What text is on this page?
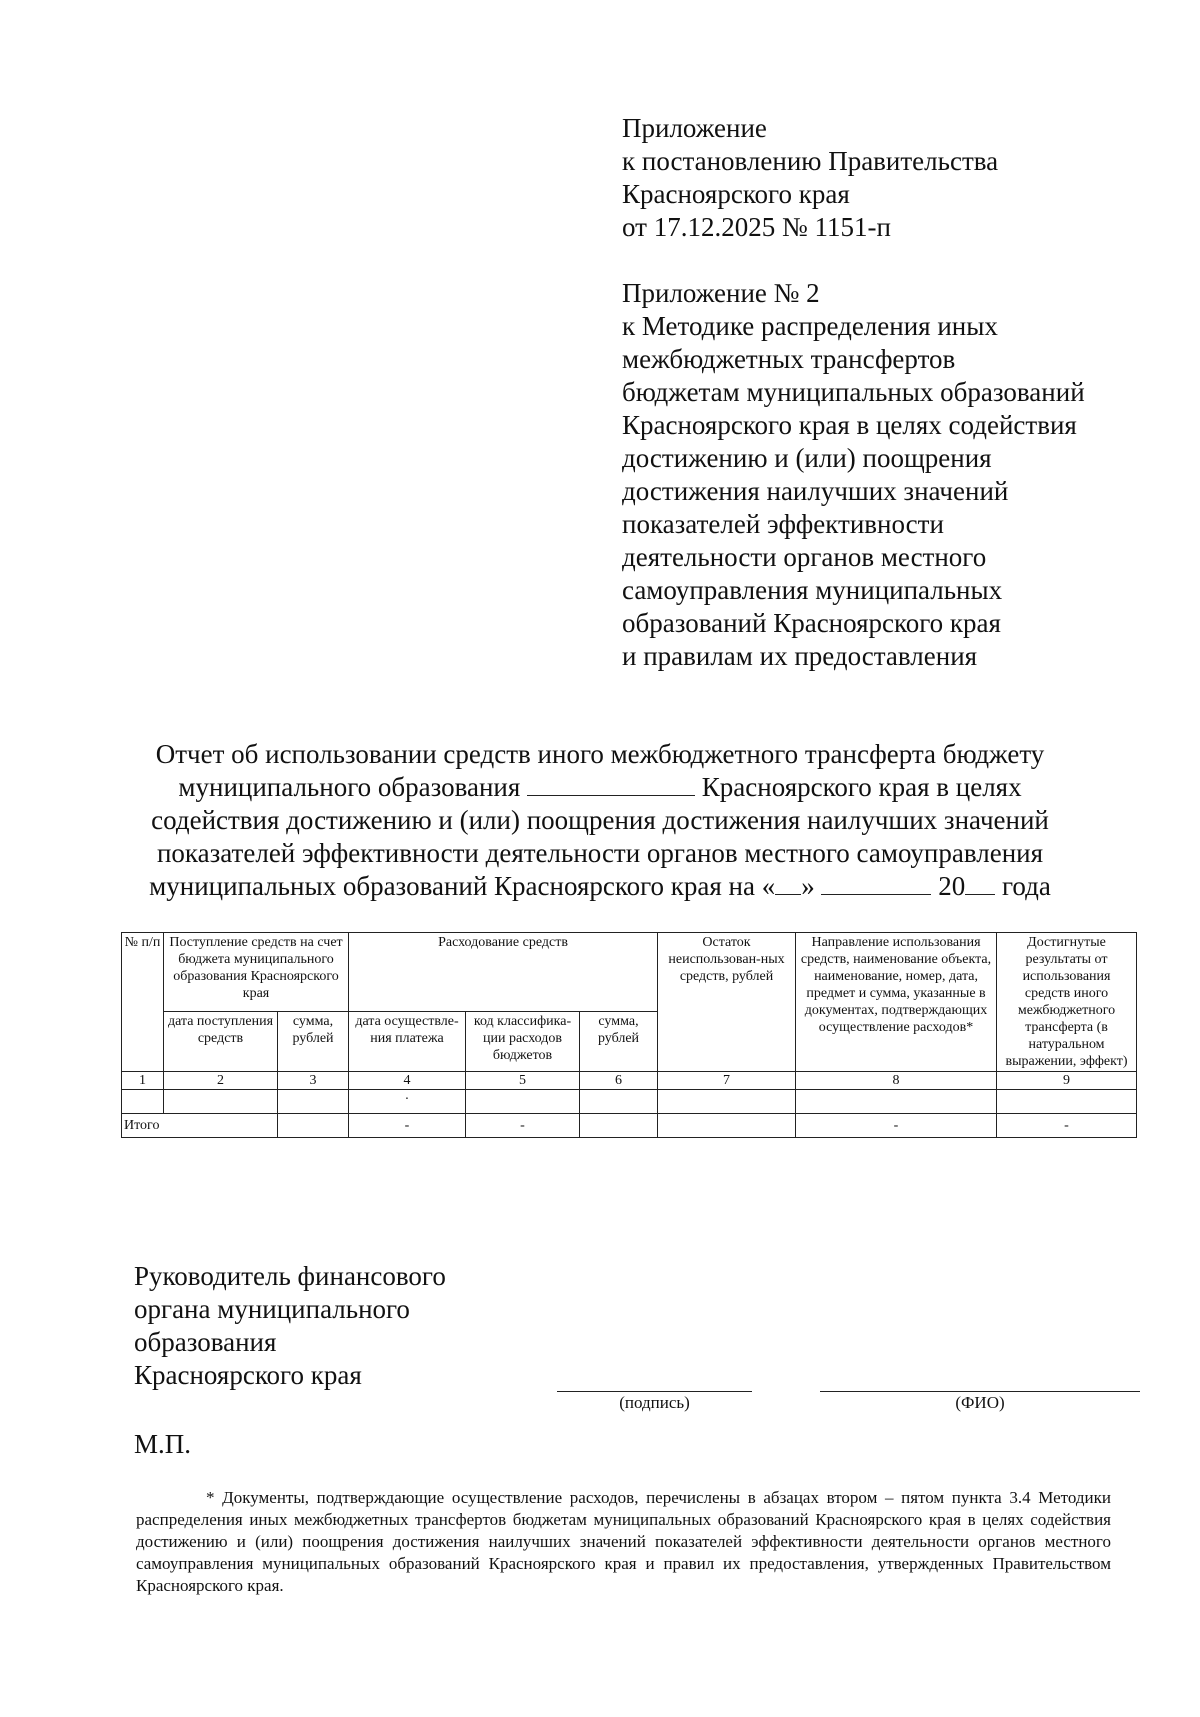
Приложение
к постановлению Правительства
Красноярского края
от 17.12.2025 № 1151-п
Приложение № 2
к Методике распределения иных
межбюджетных трансфертов
бюджетам муниципальных образований
Красноярского края в целях содействия
достижению и (или) поощрения
достижения наилучших значений
показателей эффективности
деятельности органов местного
самоуправления муниципальных
образований Красноярского края
и правилам их предоставления
Отчет об использовании средств иного межбюджетного трансферта бюджету
муниципального образования	Красноярского края в целях
содействия достижению и (или) поощрения достижения наилучших значений
показателей эффективности деятельности органов местного самоуправления
муниципальных образований Красноярского края на « »	20 года
№ п/п	Поступление средств на счет бюджета муниципального образования Красноярского края		Расходование средств			Остаток неиспользован-ных средств, рублей	Направление использования средств, наименование объекта, наименование, номер, дата, предмет и сумма, указанные в документах, подтверждающих осуществление расходов*	Достигнутые результаты от использования средств иного межбюджетного трансферта (в натуральном выражении, эффект)
	дата поступления средств	сумма, рублей	дата осуществле-ния платежа	код классифика-ции расходов бюджетов	сумма, рублей			
1	2	3	4	5	6	7	8	9
			·					
Итого			-	-			-	-
Руководитель финансового
органа муниципального
образования
Красноярского края
(подпись)	(ФИО)
М.П.
* Документы, подтверждающие осуществление расходов, перечислены в абзацах втором – пятом пункта 3.4 Методики распределения иных межбюджетных трансфертов бюджетам муниципальных образований Красноярского края в целях содействия достижению и (или) поощрения достижения наилучших значений показателей эффективности деятельности органов местного самоуправления муниципальных образований Красноярского края и правил их предоставления, утвержденных Правительством Красноярского края.
